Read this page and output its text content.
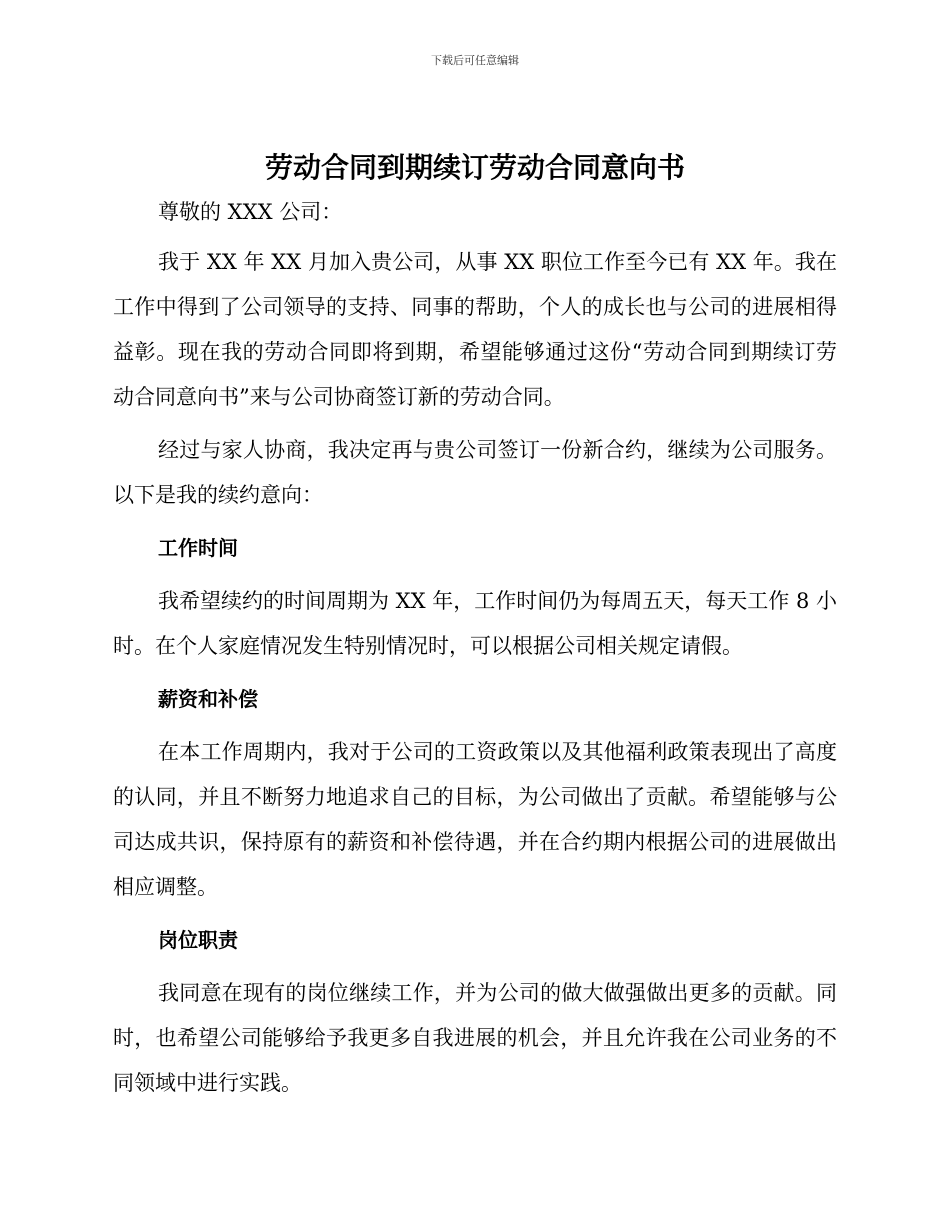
下载后可任意编辑
劳动合同到期续订劳动合同意向书

尊敬的 XXX 公司：

我于 XX 年 XX 月加入贵公司，从事 XX 职位工作至今已有 XX 年。我在工作中得到了公司领导的支持、同事的帮助，个人的成长也与公司的进展相得益彰。现在我的劳动合同即将到期，希望能够通过这份“劳动合同到期续订劳动合同意向书”来与公司协商签订新的劳动合同。

经过与家人协商，我决定再与贵公司签订一份新合约，继续为公司服务。以下是我的续约意向：

工作时间

我希望续约的时间周期为 XX 年，工作时间仍为每周五天，每天工作 8 小时。在个人家庭情况发生特别情况时，可以根据公司相关规定请假。

薪资和补偿

在本工作周期内，我对于公司的工资政策以及其他福利政策表现出了高度的认同，并且不断努力地追求自己的目标，为公司做出了贡献。希望能够与公司达成共识，保持原有的薪资和补偿待遇，并在合约期内根据公司的进展做出相应调整。

岗位职责

我同意在现有的岗位继续工作，并为公司的做大做强做出更多的贡献。同时，也希望公司能够给予我更多自我进展的机会，并且允许我在公司业务的不同领域中进行实践。
